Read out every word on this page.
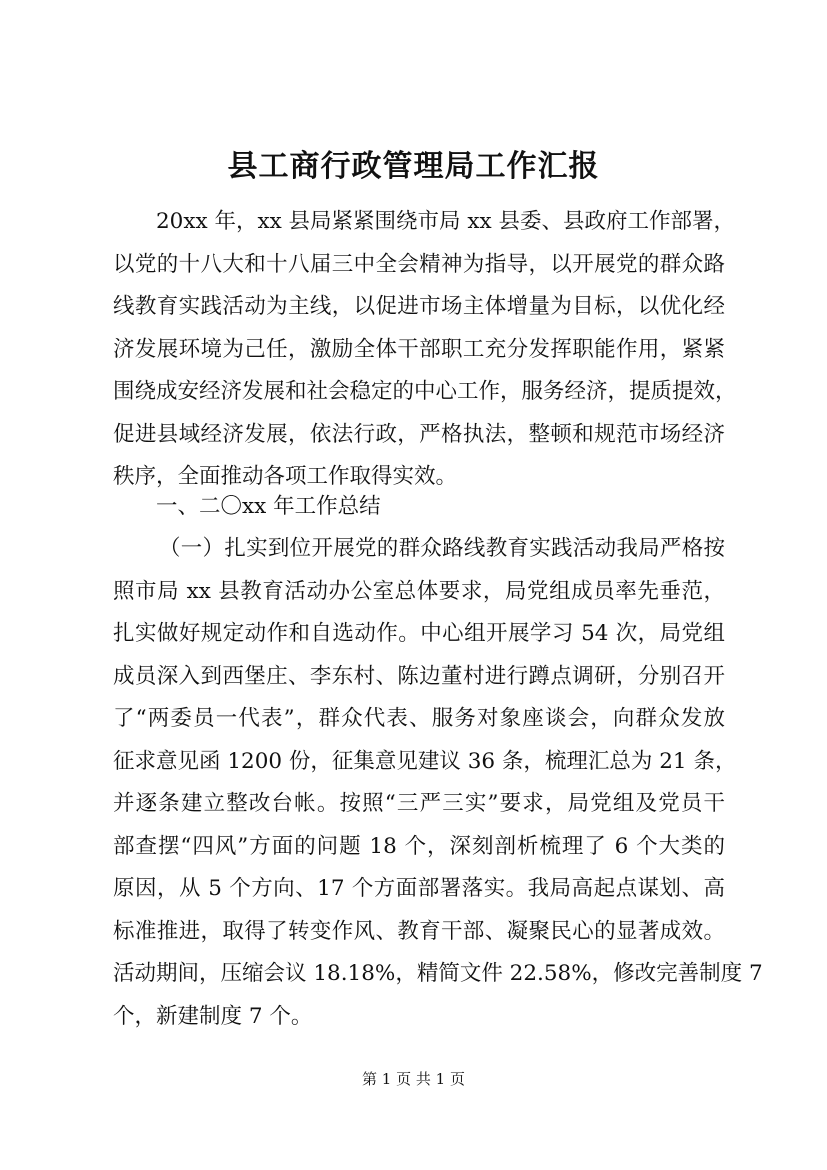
县工商行政管理局工作汇报
20xx 年，xx 县局紧紧围绕市局 xx 县委、县政府工作部署，
以党的十八大和十八届三中全会精神为指导，以开展党的群众路
线教育实践活动为主线，以促进市场主体增量为目标，以优化经
济发展环境为己任，激励全体干部职工充分发挥职能作用，紧紧
围绕成安经济发展和社会稳定的中心工作，服务经济，提质提效，
促进县域经济发展，依法行政，严格执法，整顿和规范市场经济
秩序，全面推动各项工作取得实效。
一、二〇xx 年工作总结
（一）扎实到位开展党的群众路线教育实践活动我局严格按
照市局 xx 县教育活动办公室总体要求，局党组成员率先垂范，
扎实做好规定动作和自选动作。中心组开展学习 54 次，局党组
成员深入到西堡庄、李东村、陈边董村进行蹲点调研，分别召开
了“两委员一代表”，群众代表、服务对象座谈会，向群众发放
征求意见函 1200 份，征集意见建议 36 条，梳理汇总为 21 条，
并逐条建立整改台帐。按照“三严三实”要求，局党组及党员干
部查摆“四风”方面的问题 18 个，深刻剖析梳理了 6 个大类的
原因，从 5 个方向、17 个方面部署落实。我局高起点谋划、高
标准推进，取得了转变作风、教育干部、凝聚民心的显著成效。
活动期间，压缩会议 18.18%，精简文件 22.58%，修改完善制度 7
个，新建制度 7 个。
第 1 页 共 1 页
